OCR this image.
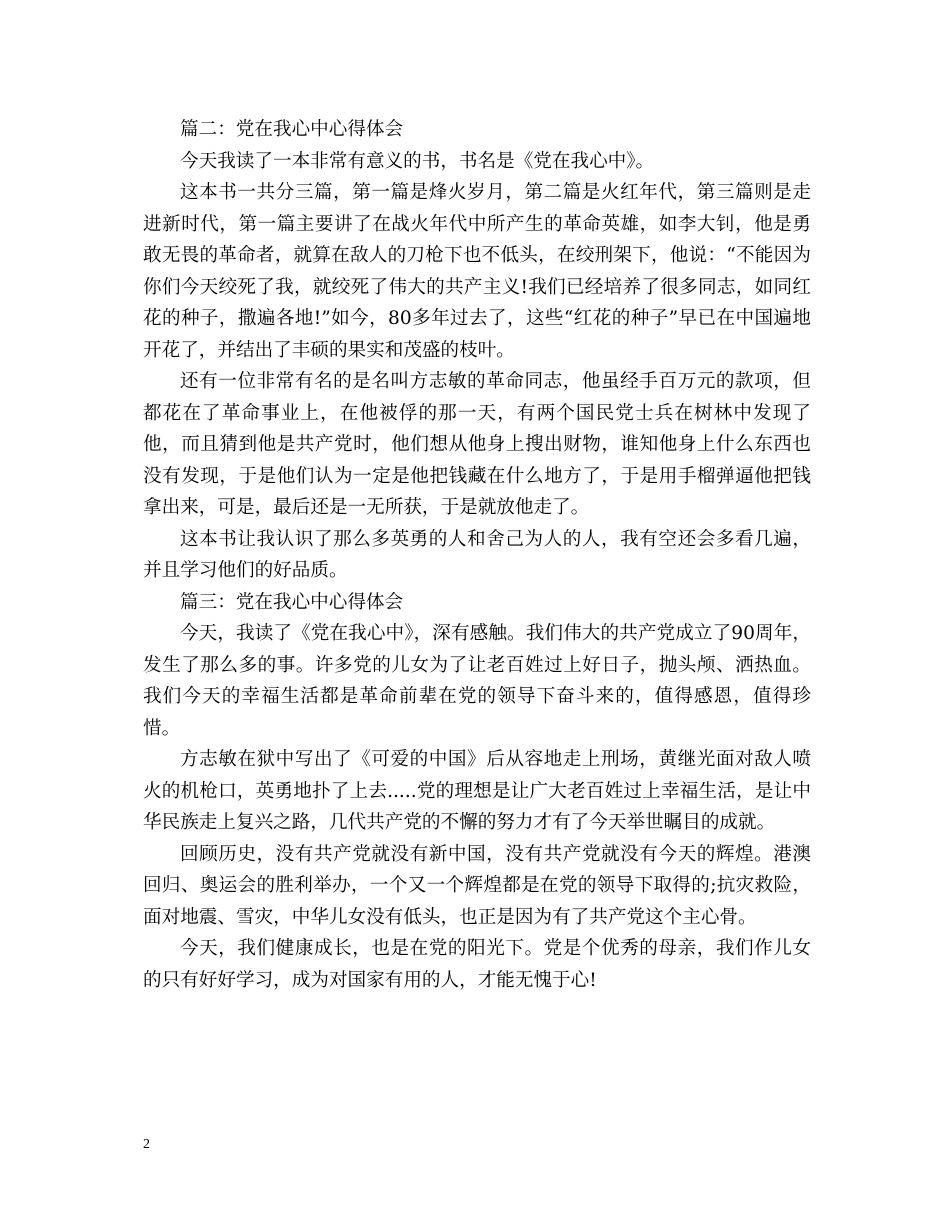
篇二：党在我心中心得体会

今天我读了一本非常有意义的书，书名是《党在我心中》。

这本书一共分三篇，第一篇是烽火岁月，第二篇是火红年代，第三篇则是走进新时代，第一篇主要讲了在战火年代中所产生的革命英雄，如李大钊，他是勇敢无畏的革命者，就算在敌人的刀枪下也不低头，在绞刑架下，他说：“不能因为你们今天绞死了我，就绞死了伟大的共产主义!我们已经培养了很多同志，如同红花的种子，撒遍各地!”如今，80多年过去了，这些“红花的种子”早已在中国遍地开花了，并结出了丰硕的果实和茂盛的枝叶。

还有一位非常有名的是名叫方志敏的革命同志，他虽经手百万元的款项，但都花在了革命事业上，在他被俘的那一天，有两个国民党士兵在树林中发现了他，而且猜到他是共产党时，他们想从他身上搜出财物，谁知他身上什么东西也没有发现，于是他们认为一定是他把钱藏在什么地方了，于是用手榴弹逼他把钱拿出来，可是，最后还是一无所获，于是就放他走了。

这本书让我认识了那么多英勇的人和舍己为人的人，我有空还会多看几遍，并且学习他们的好品质。

篇三：党在我心中心得体会

今天，我读了《党在我心中》，深有感触。我们伟大的共产党成立了90周年，发生了那么多的事。许多党的儿女为了让老百姓过上好日子，抛头颅、洒热血。我们今天的幸福生活都是革命前辈在党的领导下奋斗来的，值得感恩，值得珍惜。

方志敏在狱中写出了《可爱的中国》后从容地走上刑场，黄继光面对敌人喷火的机枪口，英勇地扑了上去.....党的理想是让广大老百姓过上幸福生活，是让中华民族走上复兴之路，几代共产党的不懈的努力才有了今天举世瞩目的成就。

回顾历史，没有共产党就没有新中国，没有共产党就没有今天的辉煌。港澳回归、奥运会的胜利举办，一个又一个辉煌都是在党的领导下取得的;抗灾救险，面对地震、雪灾，中华儿女没有低头，也正是因为有了共产党这个主心骨。

今天，我们健康成长，也是在党的阳光下。党是个优秀的母亲，我们作儿女的只有好好学习，成为对国家有用的人，才能无愧于心!

2
